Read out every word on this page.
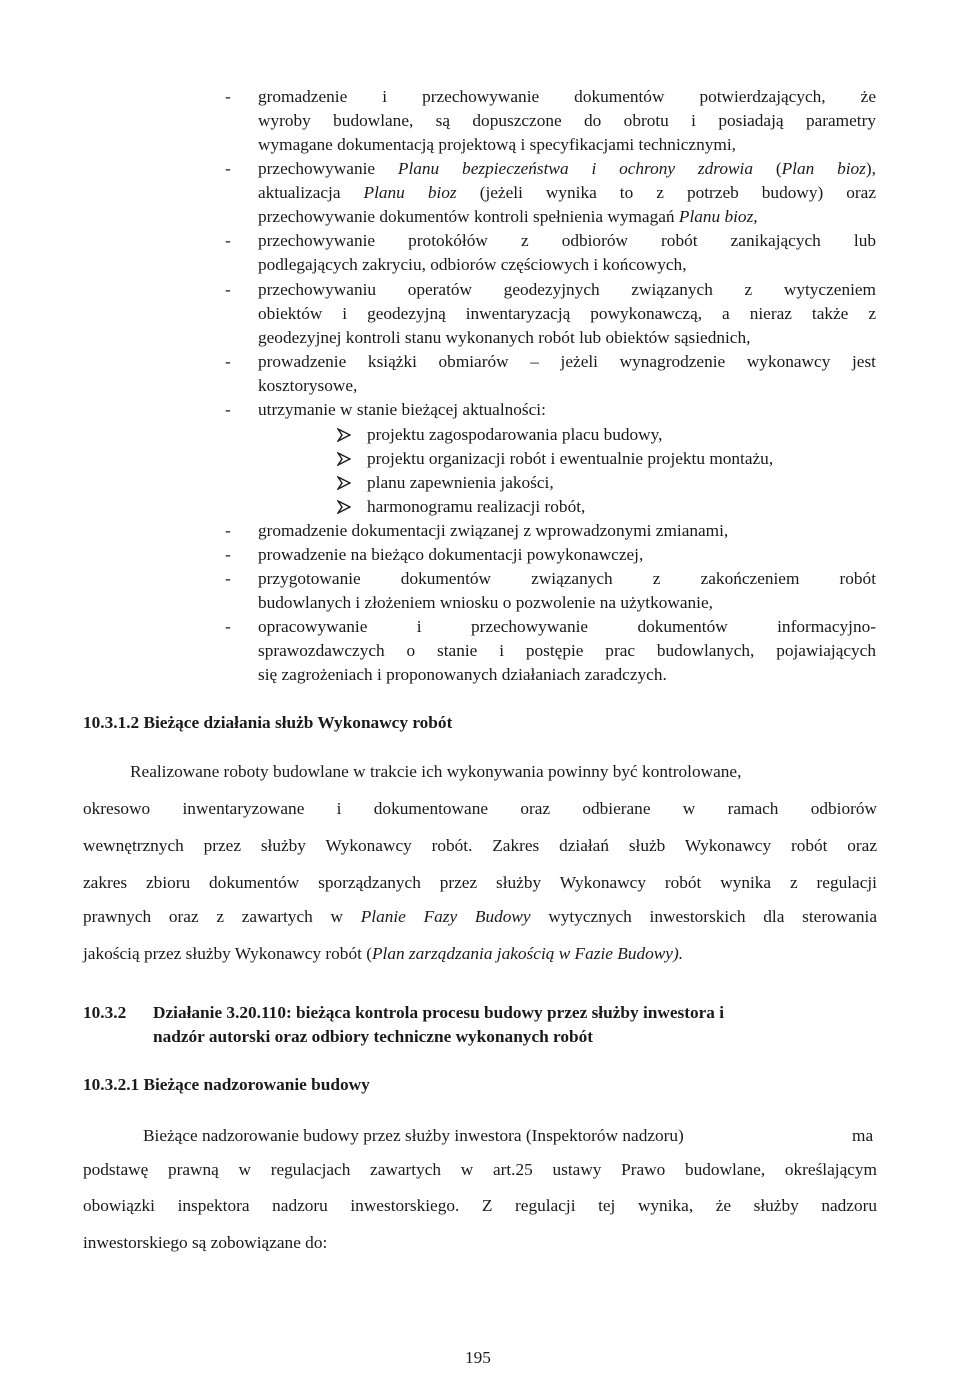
- gromadzenie i przechowywanie dokumentów potwierdzających, że
wyroby budowlane, są dopuszczone do obrotu i posiadają parametry
wymagane dokumentacją projektową i specyfikacjami technicznymi,
- przechowywanie Planu bezpieczeństwa i ochrony zdrowia (Plan bioz),
aktualizacja Planu bioz (jeżeli wynika to z potrzeb budowy) oraz
przechowywanie dokumentów kontroli spełnienia wymagań Planu bioz,
- przechowywanie protokółów z odbiorów robót zanikających lub
podlegających zakryciu, odbiorów częściowych i końcowych,
- przechowywaniu operatów geodezyjnych związanych z wytyczeniem
obiektów i geodezyjną inwentaryzacją powykonawczą, a nieraz także z
geodezyjnej kontroli stanu wykonanych robót lub obiektów sąsiednich,
- prowadzenie książki obmiarów – jeżeli wynagrodzenie wykonawcy jest
kosztorysowe,
- utrzymanie w stanie bieżącej aktualności:
projektu zagospodarowania placu budowy,
projektu organizacji robót i ewentualnie projektu montażu,
planu zapewnienia jakości,
harmonogramu realizacji robót,
- gromadzenie dokumentacji związanej z wprowadzonymi zmianami,
- prowadzenie na bieżąco dokumentacji powykonawczej,
- przygotowanie dokumentów związanych z zakończeniem robót
budowlanych i złożeniem wniosku o pozwolenie na użytkowanie,
- opracowywanie i przechowywanie dokumentów informacyjno-
sprawozdawczych o stanie i postępie prac budowlanych, pojawiających
się zagrożeniach i proponowanych działaniach zaradczych.
10.3.1.2 Bieżące działania służb Wykonawcy robót
Realizowane roboty budowlane w trakcie ich wykonywania powinny być kontrolowane,
okresowo inwentaryzowane i dokumentowane oraz odbierane w ramach odbiorów
wewnętrznych przez służby Wykonawcy robót. Zakres działań służb Wykonawcy robót oraz
zakres zbioru dokumentów sporządzanych przez służby Wykonawcy robót wynika z regulacji
prawnych oraz z zawartych w Planie Fazy Budowy wytycznych inwestorskich dla sterowania
jakością przez służby Wykonawcy robót (Plan zarządzania jakością w Fazie Budowy).
10.3.2 Działanie 3.20.110: bieżąca kontrola procesu budowy przez służby inwestora i
nadzór autorski oraz odbiory techniczne wykonanych robót
10.3.2.1 Bieżące nadzorowanie budowy
Bieżące nadzorowanie budowy przez służby inwestora (Inspektorów nadzoru)	ma
podstawę prawną w regulacjach zawartych w art.25 ustawy Prawo budowlane, określającym
obowiązki inspektora nadzoru inwestorskiego. Z regulacji tej wynika, że służby nadzoru
inwestorskiego są zobowiązane do:
195
